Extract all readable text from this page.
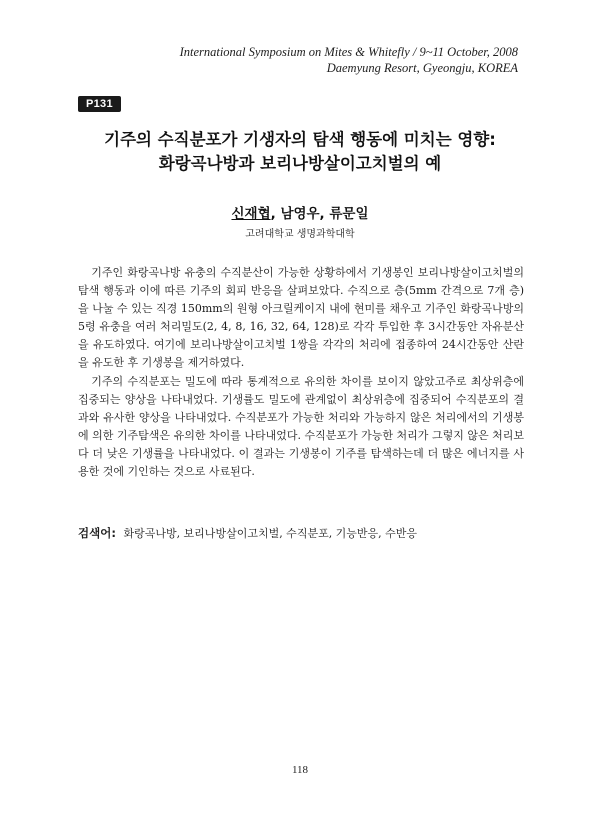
International Symposium on Mites & Whitefly / 9~11 October, 2008
Daemyung Resort, Gyeongju, KOREA
P131
기주의 수직분포가 기생자의 탐색 행동에 미치는 영향:
화랑곡나방과 보리나방살이고치벌의 예
신재협, 남영우, 류문일
고려대학교 생명과학대학

기주인 화랑곡나방 유충의 수직분산이 가능한 상황하에서 기생봉인 보리나방살이고치벌의 탐색 행동과 이에 따른 기주의 회피 반응을 살펴보았다. 수직으로 층(5mm 간격으로 7개 층)을 나눌 수 있는 직경 150mm의 원형 아크릴케이지 내에 현미를 채우고 기주인 화랑곡나방의 5령 유충을 여러 처리밀도(2, 4, 8, 16, 32, 64, 128)로 각각 투입한 후 3시간동안 자유분산을 유도하였다. 여기에 보리나방살이고치벌 1쌍을 각각의 처리에 접종하여 24시간동안 산란을 유도한 후 기생봉을 제거하였다.

기주의 수직분포는 밀도에 따라 통계적으로 유의한 차이를 보이지 않았고주로 최상위층에 집중되는 양상을 나타내었다. 기생률도 밀도에 관계없이 최상위층에 집중되어 수직분포의 결과와 유사한 양상을 나타내었다. 수직분포가 가능한 처리와 가능하지 않은 처리에서의 기생봉에 의한 기주탐색은 유의한 차이를 나타내었다. 수직분포가 가능한 처리가 그렇지 않은 처리보다 더 낮은 기생률을 나타내었다. 이 결과는 기생봉이 기주를 탐색하는데 더 많은 에너지를 사용한 것에 기인하는 것으로 사료된다.

검색어: 화랑곡나방, 보리나방살이고치벌, 수직분포, 기능반응, 수반응
118
